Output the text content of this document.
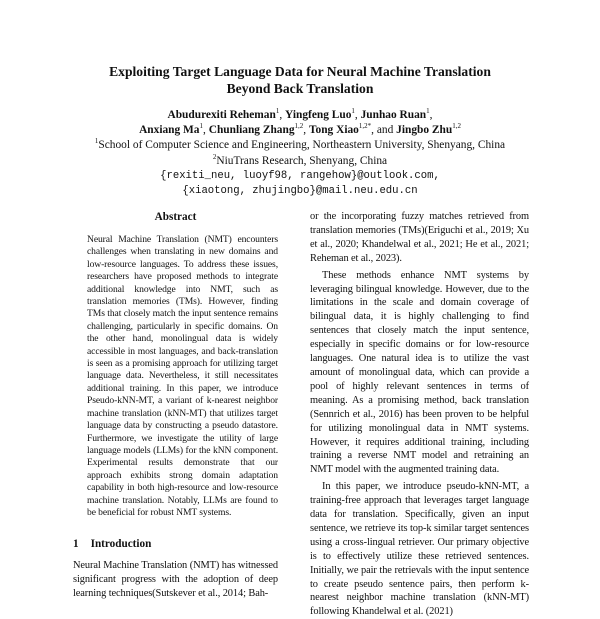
Exploiting Target Language Data for Neural Machine Translation
Beyond Back Translation
Abudurexiti Reheman$^1$, Yingfeng Luo$^1$, Junhao Ruan$^1$,
Anxiang Ma$^1$, Chunliang Zhang$^{1,2}$, Tong Xiao$^{1,2*}$, and Jingbo Zhu$^{1,2}$
$^1$School of Computer Science and Engineering, Northeastern University, Shenyang, China
$^2$NiuTrans Research, Shenyang, China
{rexiti_neu, luoyf98, rangehow}@outlook.com,
{xiaotong, zhujingbo}@mail.neu.edu.cn
Abstract

Neural Machine Translation (NMT) encounters challenges when translating in new domains and low-resource languages. To address these issues, researchers have proposed methods to integrate additional knowledge into NMT, such as translation memories (TMs). However, finding TMs that closely match the input sentence remains challenging, particularly in specific domains. On the other hand, monolingual data is widely accessible in most languages, and back-translation is seen as a promising approach for utilizing target language data. Nevertheless, it still necessitates additional training. In this paper, we introduce Pseudo-kNN-MT, a variant of k-nearest neighbor machine translation (kNN-MT) that utilizes target language data by constructing a pseudo datastore. Furthermore, we investigate the utility of large language models (LLMs) for the kNN component. Experimental results demonstrate that our approach exhibits strong domain adaptation capability in both high-resource and low-resource machine translation. Notably, LLMs are found to be beneficial for robust NMT systems.

1 Introduction

Neural Machine Translation (NMT) has witnessed significant progress with the adoption of deep learning techniques(Sutskever et al., 2014; Bah-

or the incorporating fuzzy matches retrieved from translation memories (TMs)(Eriguchi et al., 2019; Xu et al., 2020; Khandelwal et al., 2021; He et al., 2021; Reheman et al., 2023).

These methods enhance NMT systems by leveraging bilingual knowledge. However, due to the limitations in the scale and domain coverage of bilingual data, it is highly challenging to find sentences that closely match the input sentence, especially in specific domains or for low-resource languages. One natural idea is to utilize the vast amount of monolingual data, which can provide a pool of highly relevant sentences in terms of meaning. As a promising method, back translation (Sennrich et al., 2016) has been proven to be helpful for utilizing monolingual data in NMT systems. However, it requires additional training, including training a reverse NMT model and retraining an NMT model with the augmented training data.

In this paper, we introduce pseudo-kNN-MT, a training-free approach that leverages target language data for translation. Specifically, given an input sentence, we retrieve its top-k similar target sentences using a cross-lingual retriever. Our primary objective is to effectively utilize these retrieved sentences. Initially, we pair the retrievals with the input sentence to create pseudo sentence pairs, then perform k-nearest neighbor machine translation (kNN-MT) following Khandelwal et al. (2021)
